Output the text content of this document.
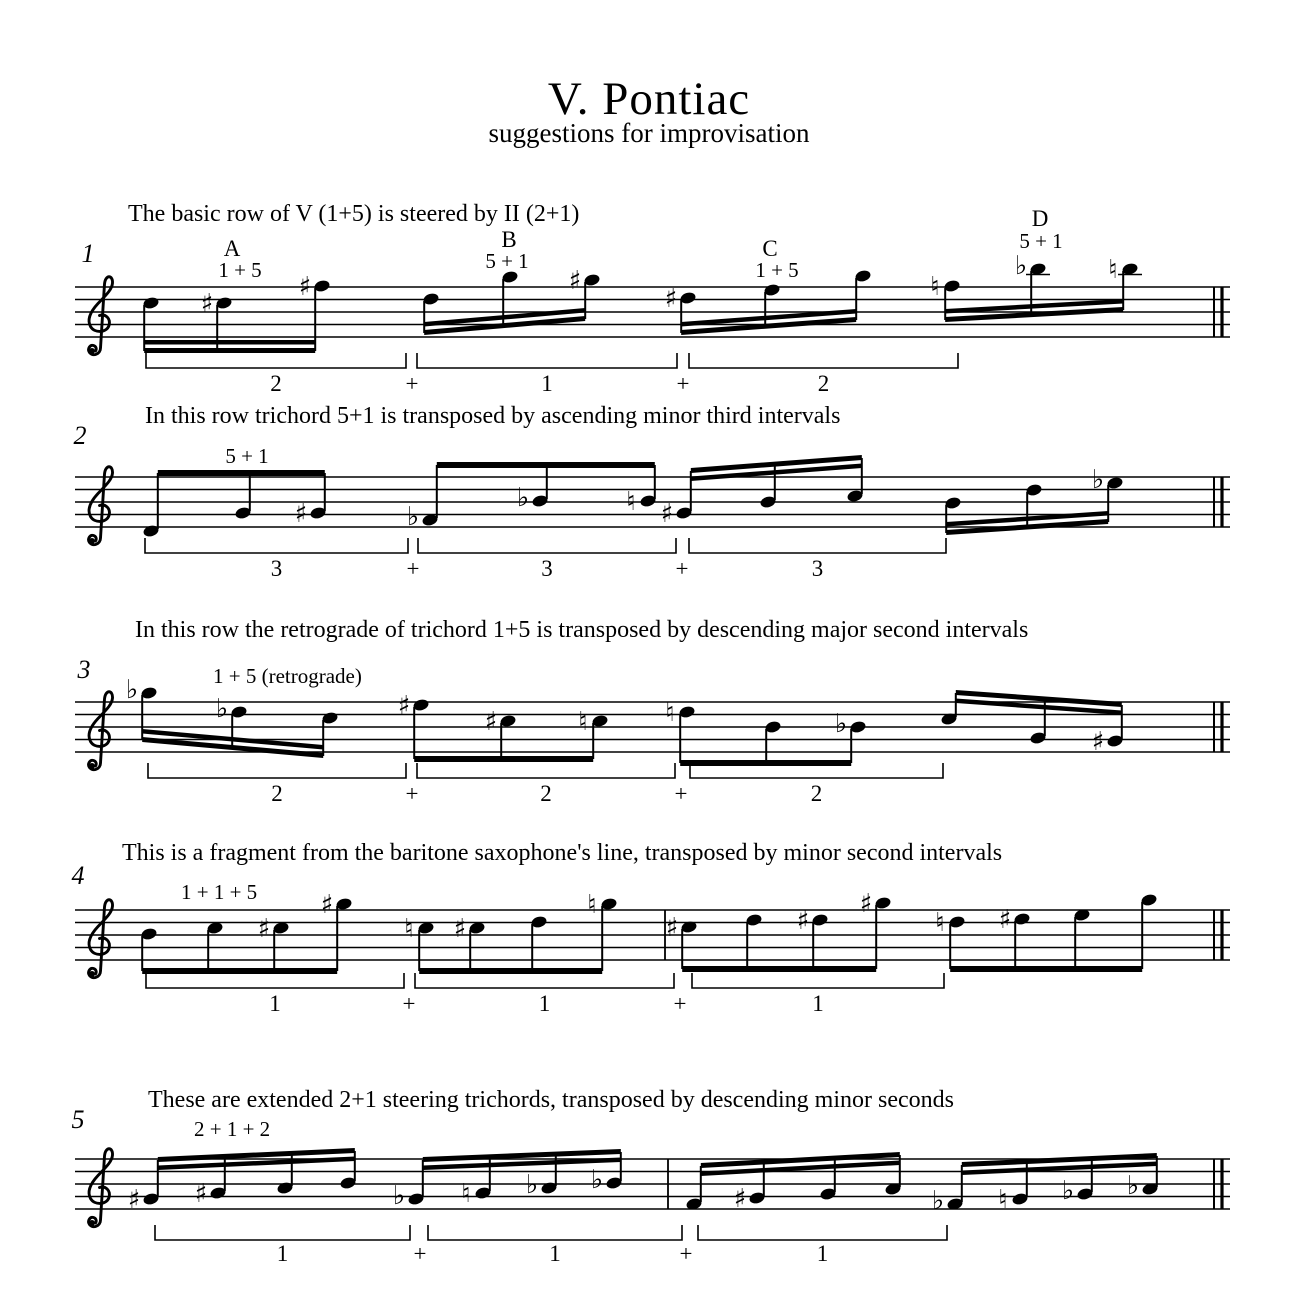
V. Pontiac
suggestions for improvisation
1
The basic row of V (1+5) is steered by II (2+1)
A
1 + 5
B
5 + 1	C
1 + 5
D
5 + 1
♯
♯	♯
♯	♮
♭	♮
2	1	2
+	+
2
In this row trichord 5+1 is transposed by ascending minor third intervals
5 + 1
♯	♭
♭	♮ ♯
♭
3	3	3
+	+
3
In this row the retrograde of trichord 1+5 is transposed by descending major second intervals
1 + 5 (retrograde)
♭
♭	♯
♯	♮	♮	♭
♯
2	2	2
+	+
4
This is a fragment from the baritone saxophone's line, transposed by minor second intervals
1 + 1 + 5
♯
♯
♮ ♯
♮
♯	♯
♯
♮ ♯
1	1	1
+	+
5
These are extended 2+1 steering trichords, transposed by descending minor seconds
2 + 1 + 2
♯ ♯	♭ ♮ ♭ ♭
♯	♭ ♮ ♭ ♭
1	1	1
+	+
